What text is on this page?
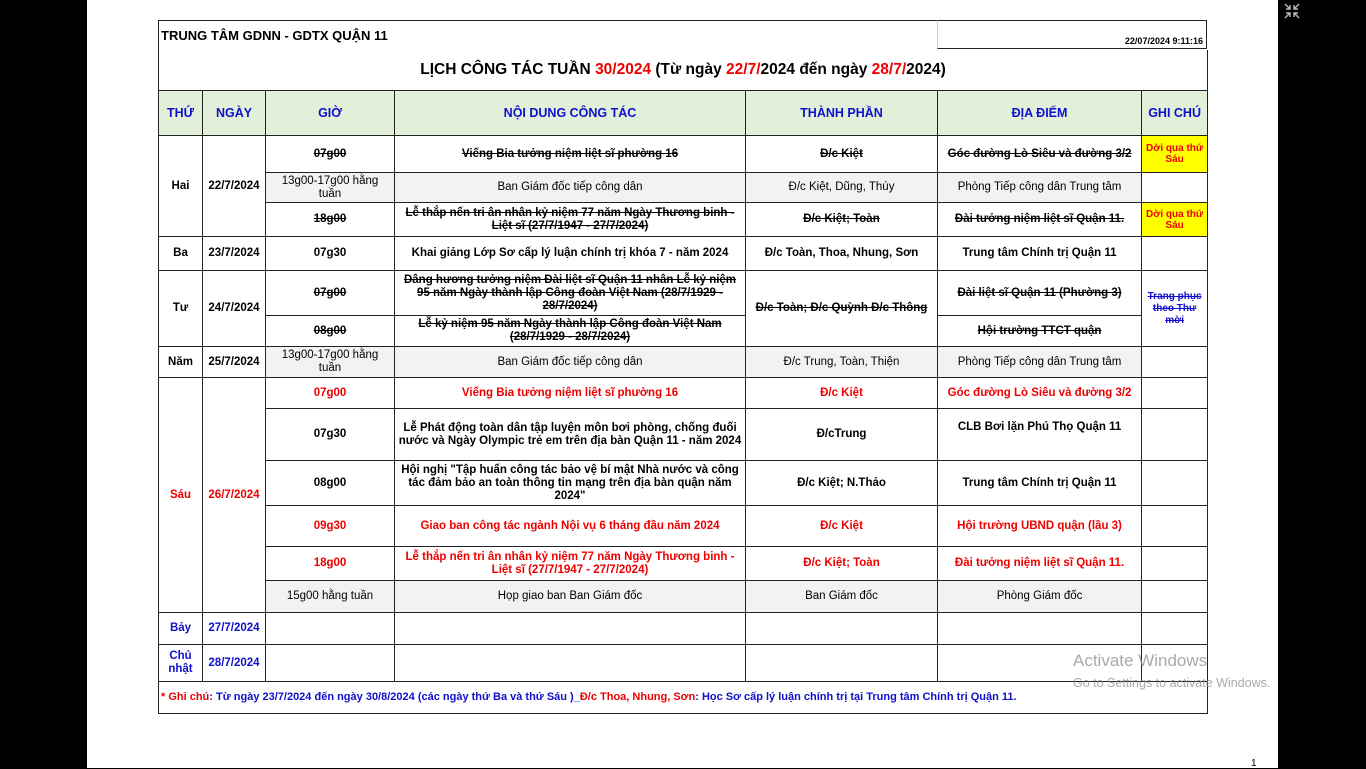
TRUNG TÂM GDNN - GDTX QUẬN 11					
LỊCH CÔNG TÁC TUẦN 30/2024 (Từ ngày 22/7/2024 đến ngày 28/7/2024)						
THỨ	NGÀY	GIỜ	NỘI DUNG CÔNG TÁC	THÀNH PHẦN	ĐỊA ĐIỂM	GHI CHÚ
Hai	22/7/2024	07g00	Viếng Bia tưởng niệm liệt sĩ phường 16	Đ/c Kiệt	Góc đường Lò Siêu và đường 3/2	Dời qua thứ Sáu
		13g00-17g00 hằng tuần	Ban Giám đốc tiếp công dân	Đ/c Kiệt, Dũng, Thúy	Phòng Tiếp công dân Trung tâm	
		18g00	Lễ thắp nến tri ân nhân kỷ niệm 77 năm Ngày Thương binh - Liệt sĩ (27/7/1947 - 27/7/2024)	Đ/c Kiệt; Toàn	Đài tưởng niệm liệt sĩ Quận 11.	Dời qua thứ Sáu
Ba	23/7/2024	07g30	Khai giảng Lớp Sơ cấp lý luận chính trị khóa 7 - năm 2024	Đ/c Toàn, Thoa, Nhung, Sơn	Trung tâm Chính trị Quận 11	
Tư	24/7/2024	07g00	Dâng hương tưởng niệm Đài liệt sĩ Quận 11 nhân Lễ kỷ niệm 95 năm Ngày thành lập Công đoàn Việt Nam (28/7/1929 - 28/7/2024)	Đ/c Toàn; Đ/c Quỳnh Đ/c Thông	Đài liệt sĩ Quận 11 (Phường 3)	Trang phục theo Thư mời
		08g00	Lễ kỷ niệm 95 năm Ngày thành lập Công đoàn Việt Nam (28/7/1929 - 28/7/2024)		Hội trường TTCT quận	
Năm	25/7/2024	13g00-17g00 hằng tuần	Ban Giám đốc tiếp công dân	Đ/c Trung, Toàn, Thiện	Phòng Tiếp công dân Trung tâm	
Sáu	26/7/2024	07g00	Viếng Bia tưởng niệm liệt sĩ phường 16	Đ/c Kiệt	Góc đường Lò Siêu và đường 3/2	
		07g30	Lễ Phát động toàn dân tập luyện môn bơi phòng, chống đuối nước và Ngày Olympic trẻ em trên địa bàn Quận 11 - năm 2024	Đ/cTrung	CLB Bơi lặn Phú Thọ Quận 11	
		08g00	Hội nghị "Tập huấn công tác bảo vệ bí mật Nhà nước và công tác đảm bảo an toàn thông tin mạng trên địa bàn quận năm 2024"	Đ/c Kiệt; N.Thảo	Trung tâm Chính trị Quận 11	
		09g30	Giao ban công tác ngành Nội vụ 6 tháng đầu năm 2024	Đ/c Kiệt	Hội trường UBND quận (lầu 3)	
		18g00	Lễ thắp nến tri ân nhân kỷ niệm 77 năm Ngày Thương binh - Liệt sĩ (27/7/1947 - 27/7/2024)	Đ/c Kiệt; Toàn	Đài tưởng niệm liệt sĩ Quận 11.	
		15g00 hằng tuần	Họp giao ban Ban Giám đốc	Ban Giám đốc	Phòng Giám đốc	
Bảy	27/7/2024					
Chủ nhật	28/7/2024					
* Ghi chú: Từ ngày 23/7/2024 đến ngày 30/8/2024 (các ngày thứ Ba và thứ Sáu )_Đ/c Thoa, Nhung, Sơn: Học Sơ cấp lý luận chính trị tại Trung tâm Chính trị Quận 11.						
22/07/2024 9:11:16
Activate Windows
Go to Settings to activate Windows.
1
